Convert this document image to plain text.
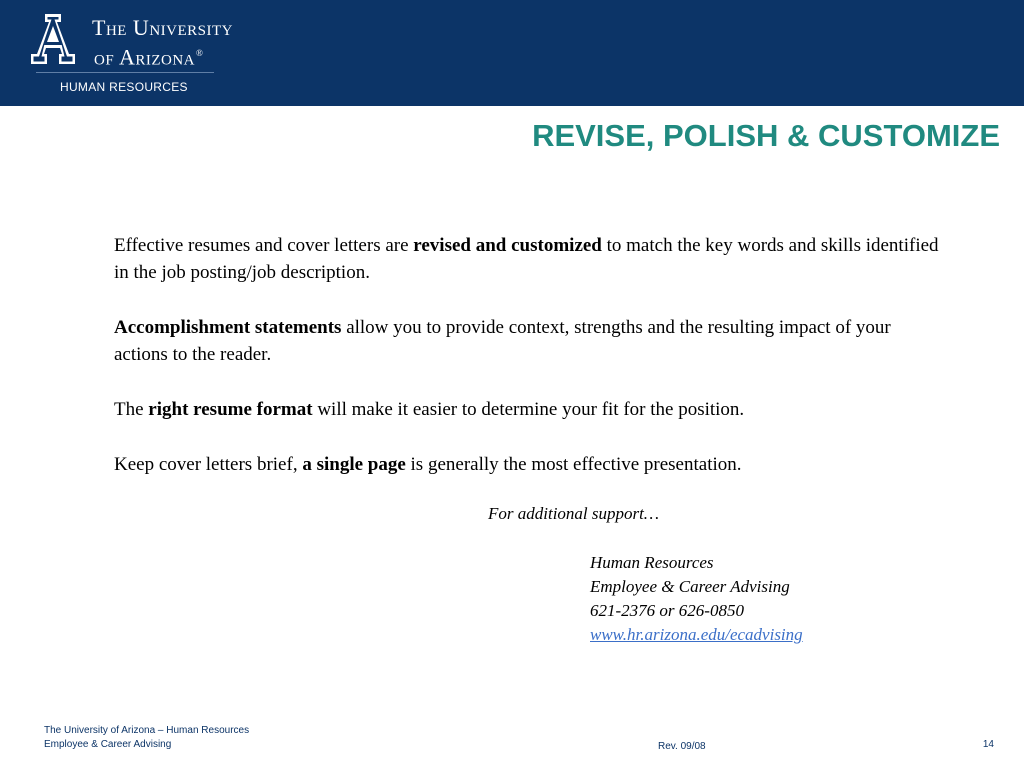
The University
of Arizona®
HUMAN RESOURCES
REVISE, POLISH & CUSTOMIZE

Effective resumes and cover letters are revised and customized to match the key words and skills identified in the job posting/job description.

Accomplishment statements allow you to provide context, strengths and the resulting impact of your actions to the reader.

The right resume format will make it easier to determine your fit for the position.

Keep cover letters brief, a single page is generally the most effective presentation.

For additional support…
Human Resources
Employee & Career Advising
621-2376 or 626-0850
www.hr.arizona.edu/ecadvising
The University of Arizona – Human Resources
Employee & Career Advising	Rev. 09/08	14
